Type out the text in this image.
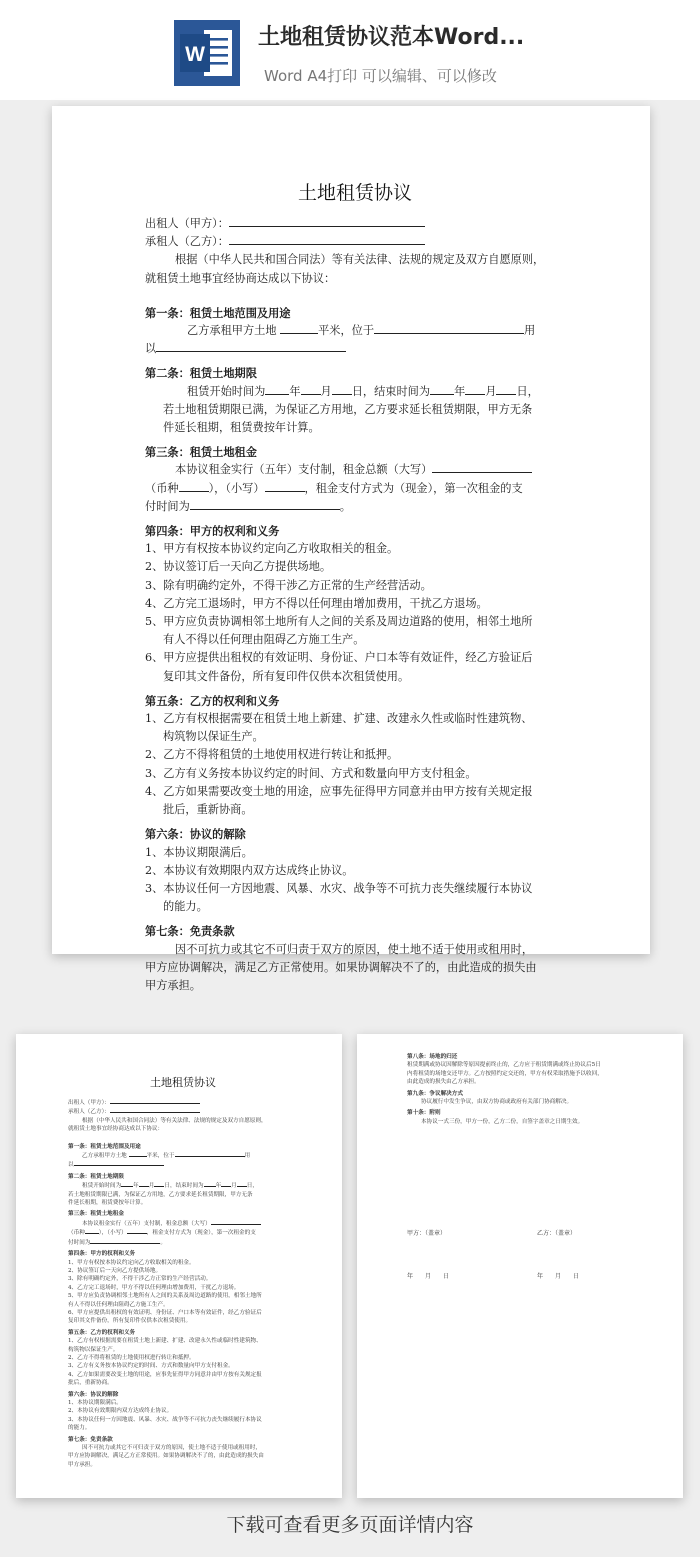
W
土地租赁协议范本Word...
Word A4打印 可以编辑、可以修改
土地租赁协议

出租人（甲方）：

承租人（乙方）：

根据（中华人民共和国合同法）等有关法律、法规的规定及双方自愿原则，

就租赁土地事宜经协商达成以下协议：

第一条：租赁土地范围及用途

乙方承租甲方土地	平米，位于	用

以

第二条：租赁土地期限

租赁开始时间为 年 月 日，结束时间为 年 月 日，

若土地租赁期限已满，为保证乙方用地，乙方要求延长租赁期限，甲方无条

件延长租期，租赁费按年计算。

第三条：租赁土地租金

本协议租金实行（五年）支付制，租金总额（大写）

（币种	），（小写）	，租金支付方式为（现金），第一次租金的支

付时间为	。

第四条：甲方的权利和义务

1、甲方有权按本协议约定向乙方收取相关的租金。

2、协议签订后一天向乙方提供场地。

3、除有明确约定外，不得干涉乙方正常的生产经营活动。

4、乙方完工退场时，甲方不得以任何理由增加费用，干扰乙方退场。

5、甲方应负责协调相邻土地所有人之间的关系及周边道路的使用，相邻土地所

有人不得以任何理由阻碍乙方施工生产。

6、甲方应提供出租权的有效证明、身份证、户口本等有效证件，经乙方验证后

复印其文件备份，所有复印件仅供本次租赁使用。

第五条：乙方的权利和义务

1、乙方有权根据需要在租赁土地上新建、扩建、改建永久性或临时性建筑物、

构筑物以保证生产。

2、乙方不得将租赁的土地使用权进行转让和抵押。

3、乙方有义务按本协议约定的时间、方式和数量向甲方支付租金。

4、乙方如果需要改变土地的用途，应事先征得甲方同意并由甲方按有关规定报

批后，重新协商。

第六条：协议的解除

1、本协议期限满后。

2、本协议有效期限内双方达成终止协议。

3、本协议任何一方因地震、风暴、水灾、战争等不可抗力丧失继续履行本协议

的能力。

第七条：免责条款

因不可抗力或其它不可归责于双方的原因，使土地不适于使用或租用时，

甲方应协调解决，满足乙方正常使用。如果协调解决不了的，由此造成的损失由

甲方承担。

土地租赁协议

出租人（甲方）：

承租人（乙方）：

根据（中华人民共和国合同法）等有关法律、法规的规定及双方自愿原则，

就租赁土地事宜经协商达成以下协议：

第一条：租赁土地范围及用途

乙方承租甲方土地	平米，位于	用

以

第二条：租赁土地期限

租赁开始时间为 年 月 日，结束时间为 年 月 日，

若土地租赁期限已满，为保证乙方用地，乙方要求延长租赁期限，甲方无条

件延长租期，租赁费按年计算。

第三条：租赁土地租金

本协议租金实行（五年）支付制，租金总额（大写）

（币种	），（小写）	，租金支付方式为（现金），第一次租金的支

付时间为	。

第四条：甲方的权利和义务

1、甲方有权按本协议约定向乙方收取相关的租金。

2、协议签订后一天向乙方提供场地。

3、除有明确约定外，不得干涉乙方正常的生产经营活动。

4、乙方完工退场时，甲方不得以任何理由增加费用，干扰乙方退场。

5、甲方应负责协调相邻土地所有人之间的关系及周边道路的使用，相邻土地所

有人不得以任何理由阻碍乙方施工生产。

6、甲方应提供出租权的有效证明、身份证、户口本等有效证件，经乙方验证后

复印其文件备份，所有复印件仅供本次租赁使用。

第五条：乙方的权利和义务

1、乙方有权根据需要在租赁土地上新建、扩建、改建永久性或临时性建筑物、

构筑物以保证生产。

2、乙方不得将租赁的土地使用权进行转让和抵押。

3、乙方有义务按本协议约定的时间、方式和数量向甲方支付租金。

4、乙方如果需要改变土地的用途，应事先征得甲方同意并由甲方按有关规定报

批后，重新协商。

第六条：协议的解除

1、本协议期限满后。

2、本协议有效期限内双方达成终止协议。

3、本协议任何一方因地震、风暴、水灾、战争等不可抗力丧失继续履行本协议

的能力。

第七条：免责条款

因不可抗力或其它不可归责于双方的原因，使土地不适于使用或租用时，

甲方应协调解决，满足乙方正常使用。如果协调解决不了的，由此造成的损失由

甲方承担。

第八条：场地的归还

租赁期满或协议因解除等原因提前终止的，乙方应于租赁期满或终止协议后5日

内将租赁的场地交还甲方。乙方按照约定交还的，甲方有权采取措施予以收回，

由此造成的损失由乙方承担。

第九条：争议解决方式

协议履行中发生争议，由双方协商或政府有关部门协商解决。

第十条：附则

本协议一式三份，甲方一份，乙方二份，自签字盖章之日期生效。

甲方：（盖章）	乙方：（盖章）
年　　月　　日	年　　月　　日
下载可查看更多页面详情内容
